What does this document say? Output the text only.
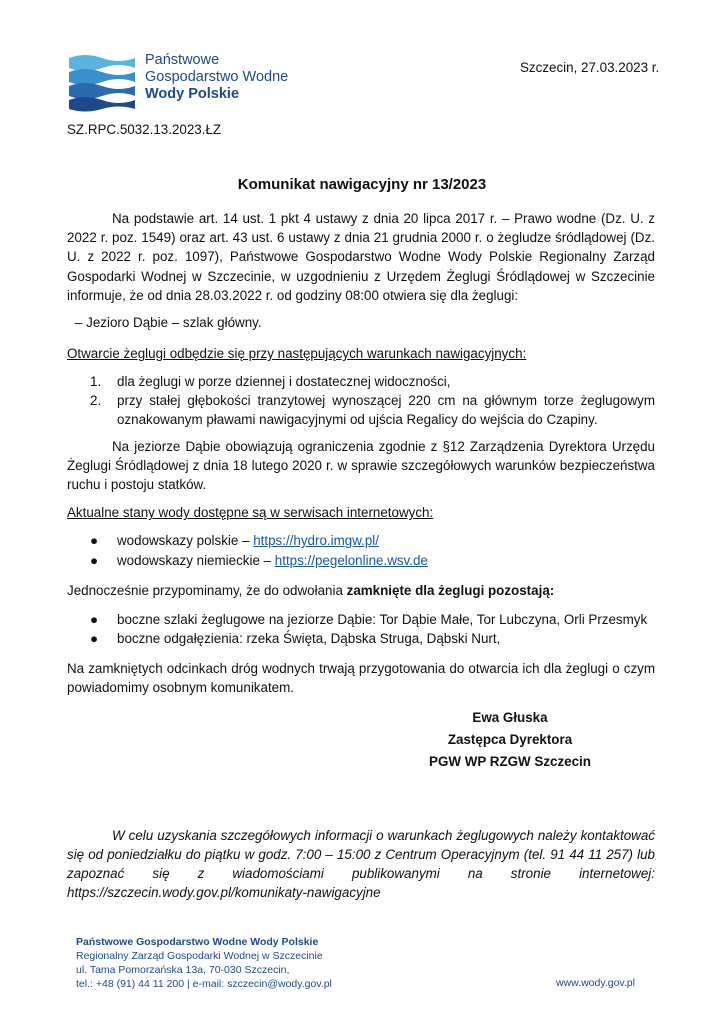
Państwowe
Gospodarstwo Wodne
Wody Polskie
Szczecin, 27.03.2023 r.
SZ.RPC.5032.13.2023.ŁZ
Komunikat nawigacyjny nr 13/2023
Na podstawie art. 14 ust. 1 pkt 4 ustawy z dnia 20 lipca 2017 r. – Prawo wodne (Dz. U. z 2022 r. poz. 1549) oraz art. 43 ust. 6 ustawy z dnia 21 grudnia 2000 r. o żegludze śródlądowej (Dz. U. z 2022 r. poz. 1097), Państwowe Gospodarstwo Wodne Wody Polskie Regionalny Zarząd Gospodarki Wodnej w Szczecinie, w uzgodnieniu z Urzędem Żeglugi Śródlądowej w Szczecinie informuje, że od dnia 28.03.2022 r. od godziny 08:00 otwiera się dla żeglugi:
– Jezioro Dąbie – szlak główny.
Otwarcie żeglugi odbędzie się przy następujących warunkach nawigacyjnych:
1. dla żeglugi w porze dziennej i dostatecznej widoczności,
2. przy stałej głębokości tranzytowej wynoszącej 220 cm na głównym torze żeglugowym oznakowanym pławami nawigacyjnymi od ujścia Regalicy do wejścia do Czapiny.
Na jeziorze Dąbie obowiązują ograniczenia zgodnie z §12 Zarządzenia Dyrektora Urzędu Żeglugi Śródlądowej z dnia 18 lutego 2020 r. w sprawie szczegółowych warunków bezpieczeństwa ruchu i postoju statków.
Aktualne stany wody dostępne są w serwisach internetowych:
● wodowskazy polskie – https://hydro.imgw.pl/
● wodowskazy niemieckie – https://pegelonline.wsv.de
Jednocześnie przypominamy, że do odwołania zamknięte dla żeglugi pozostają:
● boczne szlaki żeglugowe na jeziorze Dąbie: Tor Dąbie Małe, Tor Lubczyna, Orli Przesmyk
● boczne odgałęzienia: rzeka Święta, Dąbska Struga, Dąbski Nurt,
Na zamkniętych odcinkach dróg wodnych trwają przygotowania do otwarcia ich dla żeglugi o czym powiadomimy osobnym komunikatem.
Ewa Głuska
Zastępca Dyrektora
PGW WP RZGW Szczecin
W celu uzyskania szczegółowych informacji o warunkach żeglugowych należy kontaktować się od poniedziałku do piątku w godz. 7:00 – 15:00 z Centrum Operacyjnym (tel. 91 44 11 257) lub zapoznać się z wiadomościami publikowanymi na stronie internetowej: https://szczecin.wody.gov.pl/komunikaty-nawigacyjne
Państwowe Gospodarstwo Wodne Wody Polskie
Regionalny Zarząd Gospodarki Wodnej w Szczecinie
ul. Tama Pomorzańska 13a, 70-030 Szczecin,
tel.: +48 (91) 44 11 200 | e-mail: szczecin@wody.gov.pl	www.wody.gov.pl
